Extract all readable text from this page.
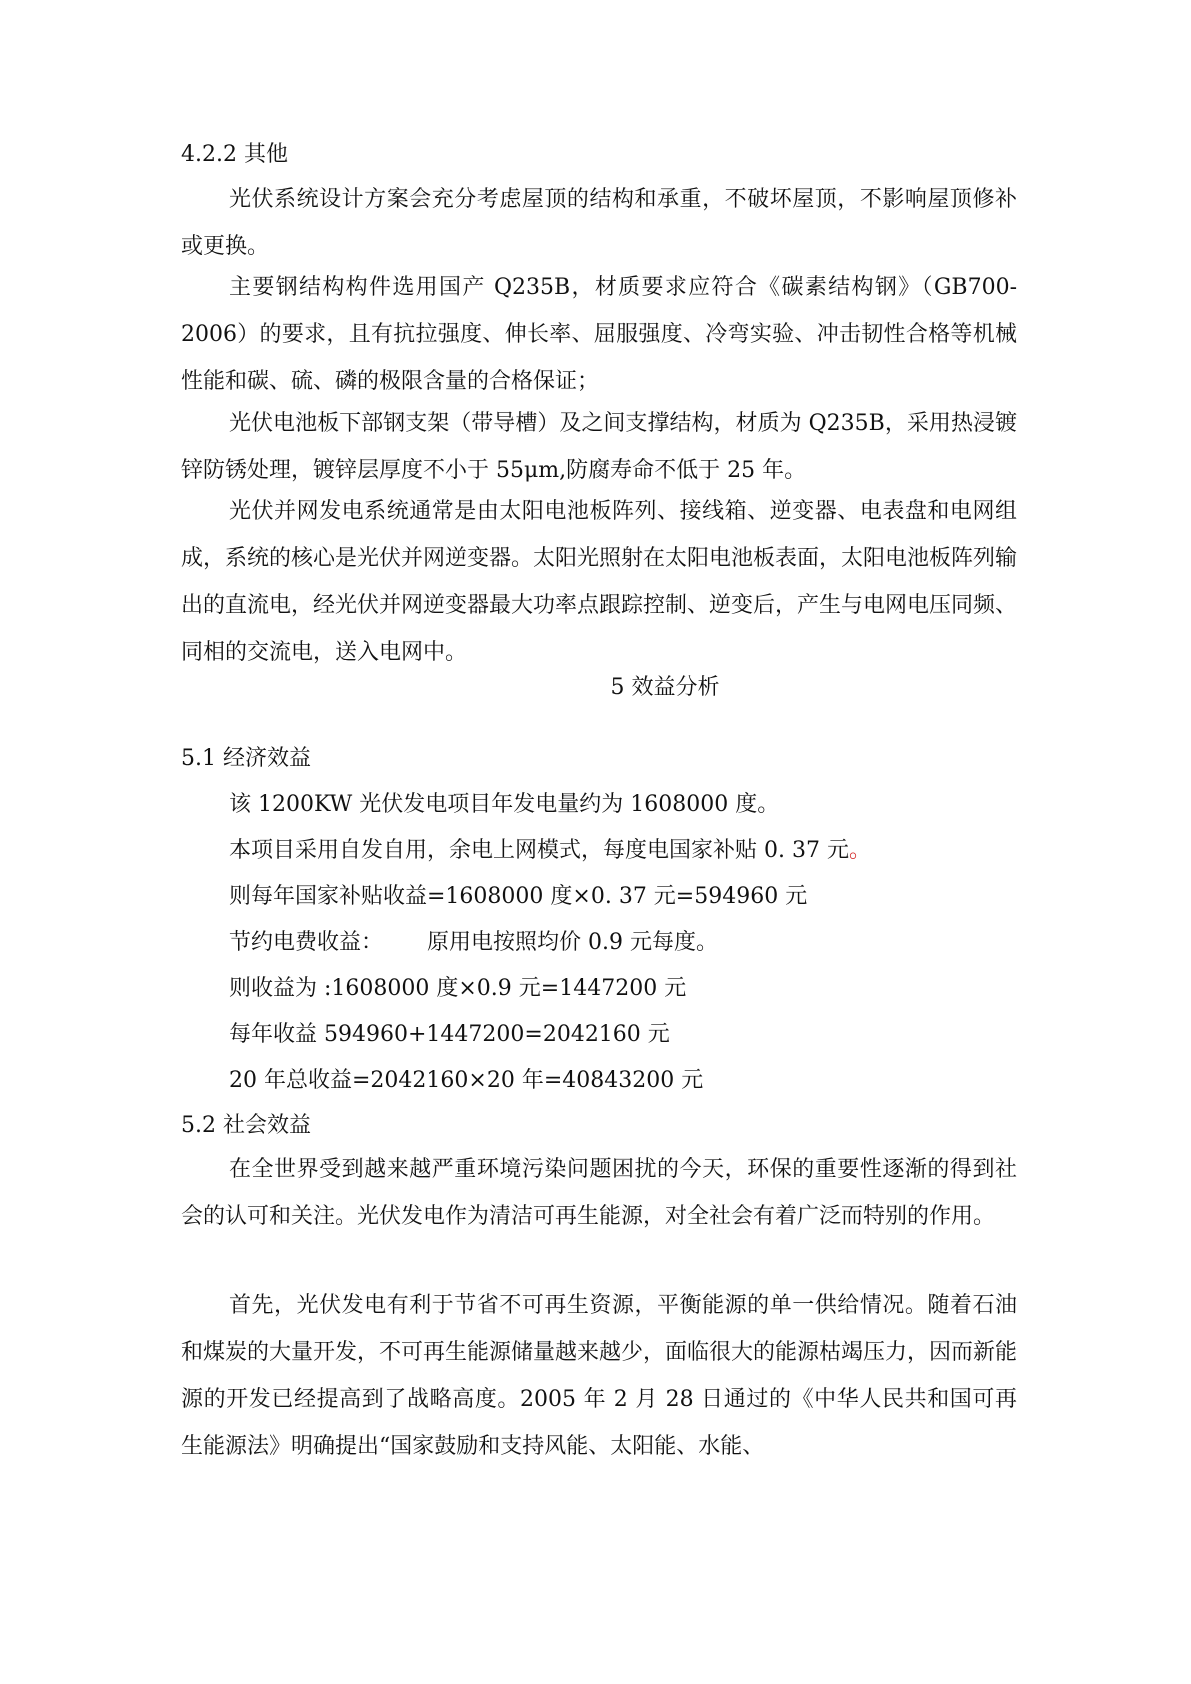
4.2.2 其他
光伏系统设计方案会充分考虑屋顶的结构和承重，不破坏屋顶，不影响屋顶修补或更换。
主要钢结构构件选用国产 Q235B，材质要求应符合《碳素结构钢》（GB700-2006）的要求，且有抗拉强度、伸长率、屈服强度、冷弯实验、冲击韧性合格等机械性能和碳、硫、磷的极限含量的合格保证；
光伏电池板下部钢支架（带导槽）及之间支撑结构，材质为 Q235B，采用热浸镀锌防锈处理，镀锌层厚度不小于 55μm,防腐寿命不低于 25 年。
光伏并网发电系统通常是由太阳电池板阵列、接线箱、逆变器、电表盘和电网组成，系统的核心是光伏并网逆变器。太阳光照射在太阳电池板表面，太阳电池板阵列输出的直流电，经光伏并网逆变器最大功率点跟踪控制、逆变后，产生与电网电压同频、同相的交流电，送入电网中。
5 效益分析
5.1 经济效益
该 1200KW 光伏发电项目年发电量约为 1608000 度。
本项目采用自发自用，余电上网模式，每度电国家补贴 0. 37 元。
则每年国家补贴收益=1608000 度×0. 37 元=594960 元
节约电费收益： 原用电按照均价 0.9 元每度。
则收益为 :1608000 度×0.9 元=1447200 元
每年收益 594960+1447200=2042160 元
20 年总收益=2042160×20 年=40843200 元
5.2 社会效益
在全世界受到越来越严重环境污染问题困扰的今天，环保的重要性逐渐的得到社会的认可和关注。光伏发电作为清洁可再生能源，对全社会有着广泛而特别的作用。
首先，光伏发电有利于节省不可再生资源，平衡能源的单一供给情况。随着石油和煤炭的大量开发，不可再生能源储量越来越少，面临很大的能源枯竭压力，因而新能源的开发已经提高到了战略高度。2005 年 2 月 28 日通过的《中华人民共和国可再生能源法》明确提出“国家鼓励和支持风能、太阳能、水能、
